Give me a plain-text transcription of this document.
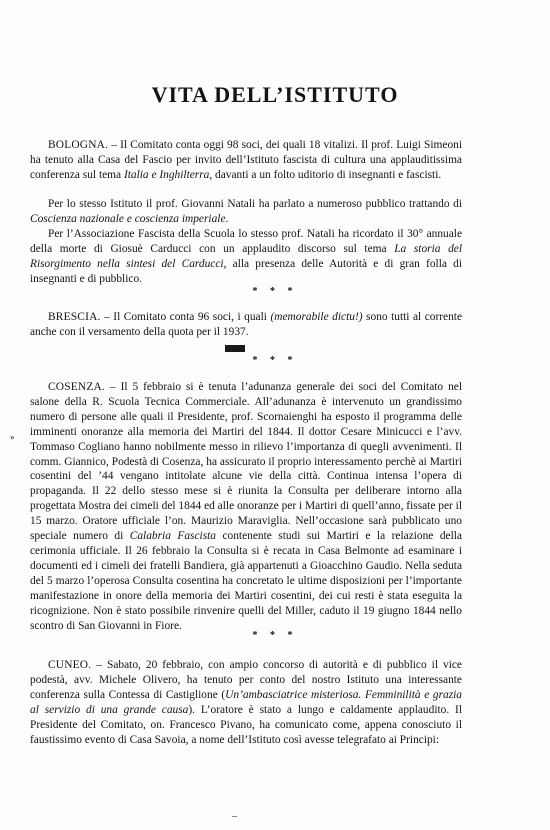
VITA DELL’ISTITUTO

BOLOGNA. – Il Comitato conta oggi 98 soci, dei quali 18 vitalizi. Il prof. Luigi Simeoni ha tenuto alla Casa del Fascio per invito dell’Istituto fascista di cultura una applauditissima conferenza sul tema Italia e Inghilterra, davanti a un folto uditorio di insegnanti e fascisti.

Per lo stesso Istituto il prof. Giovanni Natali ha parlato a numeroso pubblico trattando di Coscienza nazionale e coscienza imperiale.

Per l’Associazione Fascista della Scuola lo stesso prof. Natali ha ricordato il 30° annuale della morte di Giosuè Carducci con un applaudito discorso sul tema La storia del Risorgimento nella sintesi del Carducci, alla presenza delle Autorità e di gran folla di insegnanti e di pubblico.

* * *

BRESCIA. – Il Comitato conta 96 soci, i quali (memorabile dictu!) sono tutti al corrente anche con il versamento della quota per il 1937.

* * *

COSENZA. – Il 5 febbraio si è tenuta l’adunanza generale dei soci del Comitato nel salone della R. Scuola Tecnica Commerciale. All’adunanza è intervenuto un grandissimo numero di persone alle quali il Presidente, prof. Scornaienghi ha esposto il programma delle imminenti onoranze alla memoria dei Martiri del 1844. Il dottor Cesare Minicucci e l’avv. Tommaso Cogliano hanno nobilmente messo in rilievo l’importanza di quegli avvenimenti. Il comm. Giannico, Podestà di Cosenza, ha assicurato il proprio interessamento perchè ai Martiri cosentini del ’44 vengano intitolate alcune vie della città. Continua intensa l’opera di propaganda. Il 22 dello stesso mese si è riunita la Consulta per deliberare intorno alla progettata Mostra dei cimeli del 1844 ed alle onoranze per i Martiri di quell’anno, fissate per il 15 marzo. Oratore ufficiale l’on. Maurizio Maraviglia. Nell’occasione sarà pubblicato uno speciale numero di Calabria Fascista contenente studi sui Martiri e la relazione della cerimonia ufficiale. Il 26 febbraio la Consulta si è recata in Casa Belmonte ad esaminare i documenti ed i cimeli dei fratelli Bandiera, già appartenuti a Gioacchino Gaudio. Nella seduta del 5 marzo l’operosa Consulta cosentina ha concretato le ultime disposizioni per l’importante manifestazione in onore della memoria dei Martiri cosentini, dei cui resti è stata eseguita la ricognizione. Non è stato possibile rinvenire quelli del Miller, caduto il 19 giugno 1844 nello scontro di San Giovanni in Fiore.

»
* * *

CUNEO. – Sabato, 20 febbraio, con ampio concorso di autorità e di pubblico il vice podestà, avv. Michele Olivero, ha tenuto per conto del nostro Istituto una interessante conferenza sulla Contessa di Castiglione (Un’ambasciatrice misteriosa. Femminilità e grazia al servizio di una grande causa). L’oratore è stato a lungo e caldamente applaudito. Il Presidente del Comitato, on. Francesco Pivano, ha comunicato come, appena conosciuto il faustissimo evento di Casa Savoia, a nome dell’Istituto così avesse telegrafato ai Principi:

–
